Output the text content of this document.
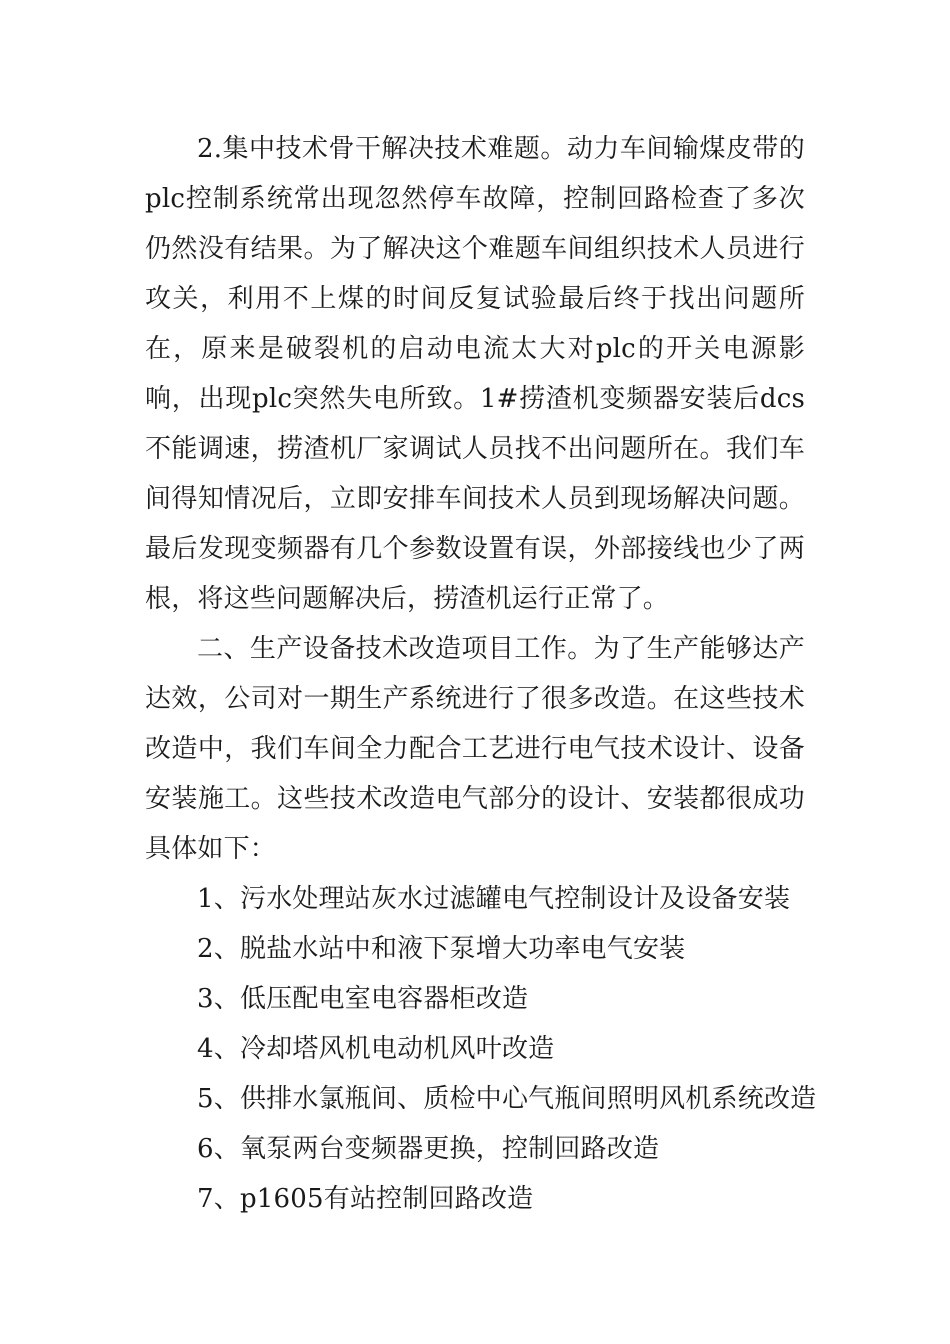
2.集中技术骨干解决技术难题。动力车间输煤皮带的plc控制系统常出现忽然停车故障，控制回路检查了多次仍然没有结果。为了解决这个难题车间组织技术人员进行攻关，利用不上煤的时间反复试验最后终于找出问题所在，原来是破裂机的启动电流太大对plc的开关电源影响，出现plc突然失电所致。1#捞渣机变频器安装后dcs不能调速，捞渣机厂家调试人员找不出问题所在。我们车间得知情况后，立即安排车间技术人员到现场解决问题。最后发现变频器有几个参数设置有误，外部接线也少了两根，将这些问题解决后，捞渣机运行正常了。

二、生产设备技术改造项目工作。为了生产能够达产达效，公司对一期生产系统进行了很多改造。在这些技术改造中，我们车间全力配合工艺进行电气技术设计、设备安装施工。这些技术改造电气部分的设计、安装都很成功具体如下：

1、污水处理站灰水过滤罐电气控制设计及设备安装
2、脱盐水站中和液下泵增大功率电气安装
3、低压配电室电容器柜改造
4、冷却塔风机电动机风叶改造
5、供排水氯瓶间、质检中心气瓶间照明风机系统改造
6、氧泵两台变频器更换，控制回路改造
7、p1605有站控制回路改造
